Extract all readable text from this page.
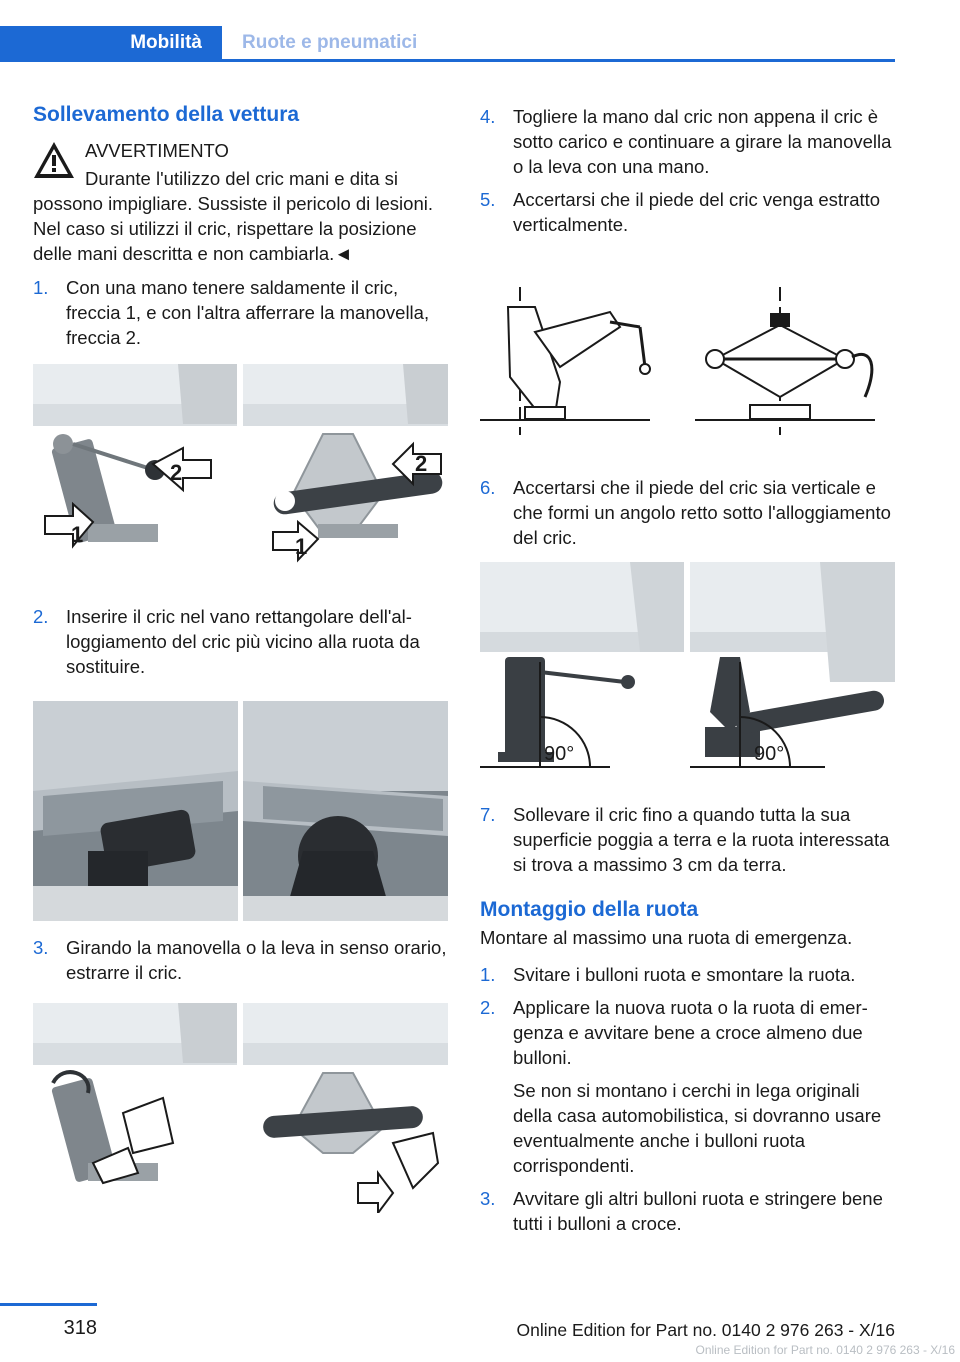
Mobilità	Ruote e pneumatici
Sollevamento della vettura
AVVERTIMENTO
Durante l'utilizzo del cric mani e dita si
possono impigliare. Sussiste il pericolo di lesioni. Nel caso si utilizzi il cric, rispettare la posizione delle mani descritta e non cambiarla.◄
1. Con una mano tenere saldamente il cric, freccia 1, e con l'altra afferrare la manovella, freccia 2.
2
1
2
1
2. Inserire il cric nel vano rettangolare dell'alloggiamento del cric più vicino alla ruota da sostituire.
3. Girando la manovella o la leva in senso orario, estrarre il cric.
4. Togliere la mano dal cric non appena il cric è sotto carico e continuare a girare la manovella o la leva con una mano.
5. Accertarsi che il piede del cric venga estratto verticalmente.
6. Accertarsi che il piede del cric sia verticale e che formi un angolo retto sotto l'alloggiamento del cric.
90°	90°
7. Sollevare il cric fino a quando tutta la sua superficie poggia a terra e la ruota interessata si trova a massimo 3 cm da terra.
Montaggio della ruota
Montare al massimo una ruota di emergenza.
1. Svitare i bulloni ruota e smontare la ruota.
2. Applicare la nuova ruota o la ruota di emergenza e avvitare bene a croce almeno due bulloni.
Se non si montano i cerchi in lega originali della casa automobilistica, si dovranno usare eventualmente anche i bulloni ruota corrispondenti.
3. Avvitare gli altri bulloni ruota e stringere bene tutti i bulloni a croce.
318	Online Edition for Part no. 0140 2 976 263 - X/16
Online Edition for Part no. 0140 2 976 263 - X/16
